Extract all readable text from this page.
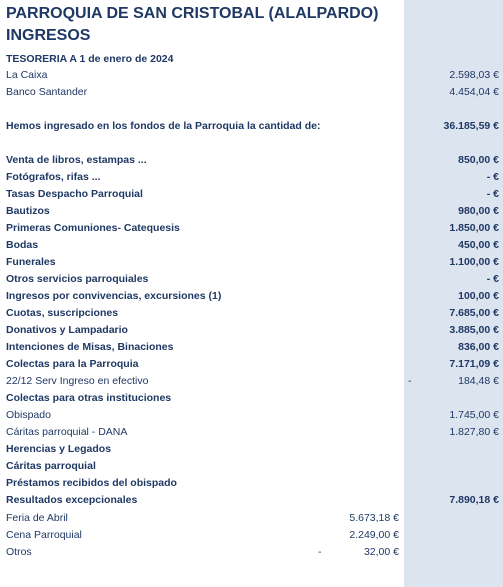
PARROQUIA DE SAN CRISTOBAL (ALALPARDO)
INGRESOS
TESORERIA A 1 de enero de 2024
La Caixa	2.598,03 €
Banco Santander	4.454,04 €
Hemos ingresado en los fondos de la Parroquia la cantidad de:	36.185,59 €
Venta de libros, estampas ...	850,00 €
Fotógrafos, rifas ...	- €
Tasas Despacho Parroquial	- €
Bautizos	980,00 €
Primeras Comuniones- Catequesis	1.850,00 €
Bodas	450,00 €
Funerales	1.100,00 €
Otros servicios parroquiales	- €
Ingresos por convivencias, excursiones (1)	100,00 €
Cuotas, suscripciones	7.685,00 €
Donativos y Lampadario	3.885,00 €
Intenciones de Misas, Binaciones	836,00 €
Colectas para la Parroquia	7.171,09 €
22/12 Serv Ingreso en efectivo	-	184,48 €
Colectas para otras instituciones
Obispado	1.745,00 €
Cáritas parroquial - DANA	1.827,80 €
Herencias y Legados
Cáritas parroquial
Préstamos recibidos del obispado
Resultados excepcionales	7.890,18 €
Feria de Abril	5.673,18 €
Cena Parroquial	2.249,00 €
Otros	-	32,00 €
